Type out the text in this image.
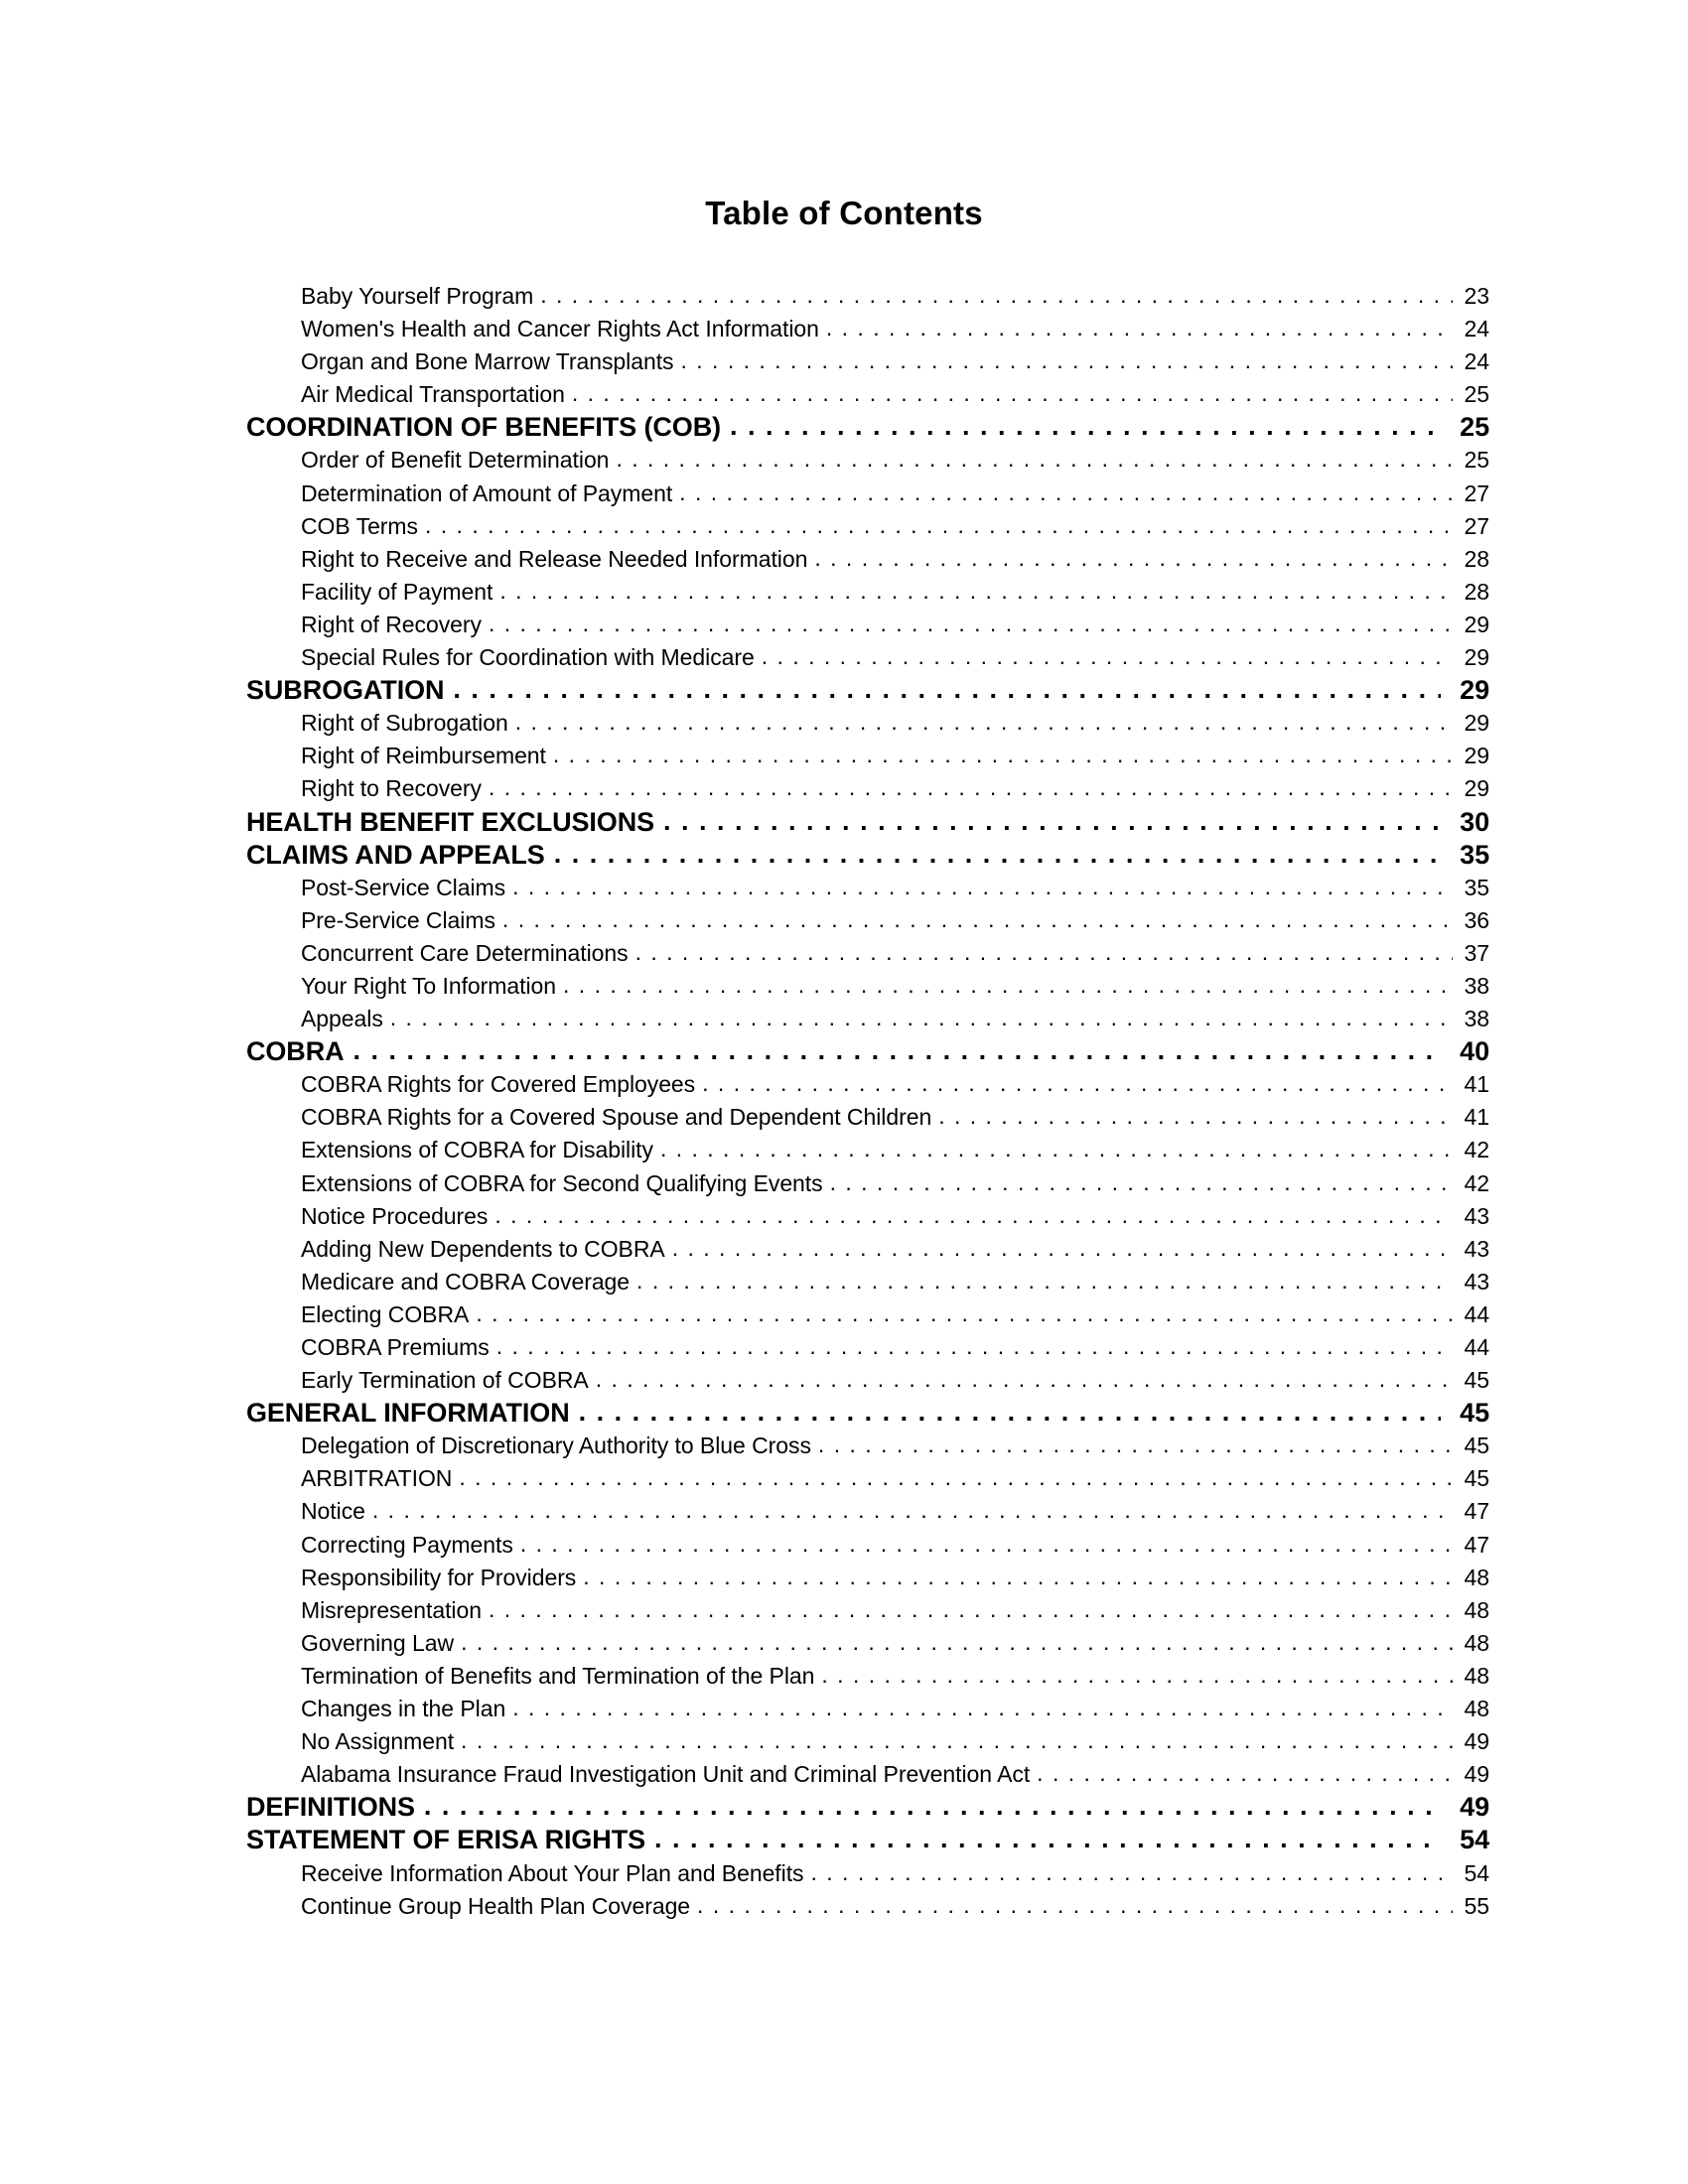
Table of Contents
Baby Yourself Program . . .	23
Women's Health and Cancer Rights Act Information . . .	24
Organ and Bone Marrow Transplants . . .	24
Air Medical Transportation . . .	25
COORDINATION OF BENEFITS (COB) . . .	25
Order of Benefit Determination . . .	25
Determination of Amount of Payment . . .	27
COB Terms . . .	27
Right to Receive and Release Needed Information . . .	28
Facility of Payment . . .	28
Right of Recovery . . .	29
Special Rules for Coordination with Medicare . . .	29
SUBROGATION . . .	29
Right of Subrogation . . .	29
Right of Reimbursement . . .	29
Right to Recovery . . .	29
HEALTH BENEFIT EXCLUSIONS . . .	30
CLAIMS AND APPEALS . . .	35
Post-Service Claims . . .	35
Pre-Service Claims . . .	36
Concurrent Care Determinations . . .	37
Your Right To Information . . .	38
Appeals . . .	38
COBRA . . .	40
COBRA Rights for Covered Employees . . .	41
COBRA Rights for a Covered Spouse and Dependent Children . . .	41
Extensions of COBRA for Disability . . .	42
Extensions of COBRA for Second Qualifying Events . . .	42
Notice Procedures . . .	43
Adding New Dependents to COBRA . . .	43
Medicare and COBRA Coverage . . .	43
Electing COBRA . . .	44
COBRA Premiums . . .	44
Early Termination of COBRA . . .	45
GENERAL INFORMATION . . .	45
Delegation of Discretionary Authority to Blue Cross . . .	45
ARBITRATION . . .	45
Notice . . .	47
Correcting Payments . . .	47
Responsibility for Providers . . .	48
Misrepresentation . . .	48
Governing Law . . .	48
Termination of Benefits and Termination of the Plan . . .	48
Changes in the Plan . . .	48
No Assignment . . .	49
Alabama Insurance Fraud Investigation Unit and Criminal Prevention Act . . .	49
DEFINITIONS . . .	49
STATEMENT OF ERISA RIGHTS . . .	54
Receive Information About Your Plan and Benefits . . .	54
Continue Group Health Plan Coverage . . .	55
